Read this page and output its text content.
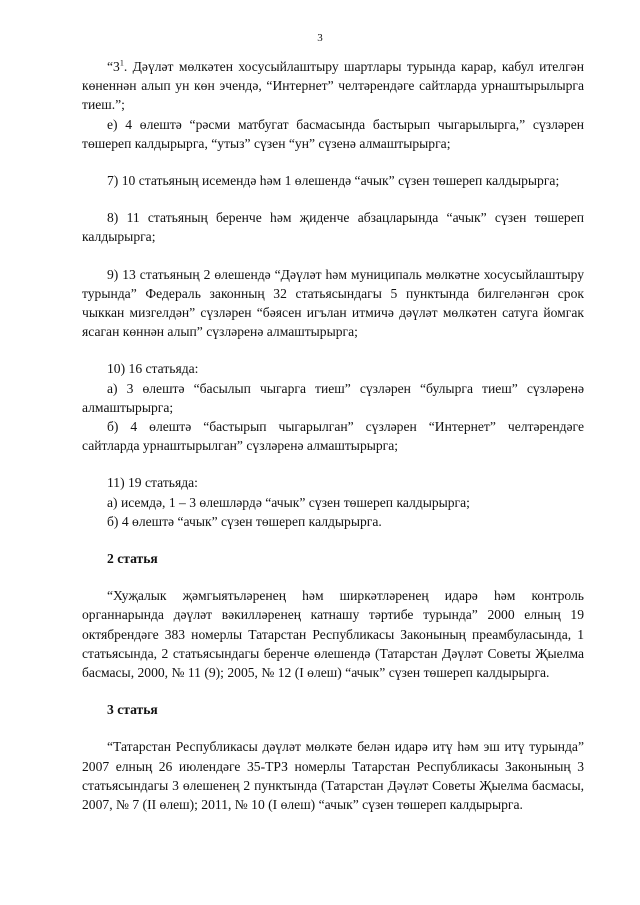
3

“$3^1$. Дәүләт мөлкәтен хосусыйлаштыру шартлары турында карар, кабул ителгән көненнән алып ун көн эчендә, “Интернет” челтәрендәге сайтларда урнаштырылырга тиеш.”;

е) 4 өлештә “рәсми матбугат басмасында бастырып чыгарылырга,” сүзләрен төшереп калдырырга, “утыз” сүзен “ун” сүзенә алмаштырырга;

7) 10 статьяның исемендә һәм 1 өлешендә “ачык” сүзен төшереп калдырырга;

8) 11 статьяның беренче һәм җиденче абзацларында “ачык” сүзен төшереп калдырырга;

9) 13 статьяның 2 өлешендә “Дәүләт һәм муниципаль мөлкәтне хосусыйлаштыру турында” Федераль законның 32 статьясындагы 5 пунктында билгеләнгән срок чыккан мизгелдән” сүзләрен “бәясен игълан итмичә дәүләт мөлкәтен сатуга йомгак ясаган көннән алып” сүзләренә алмаштырырга;

10) 16 статьяда:

а) 3 өлештә “басылып чыгарга тиеш” сүзләрен “булырга тиеш” сүзләренә алмаштырырга;

б) 4 өлештә “бастырып чыгарылган” сүзләрен “Интернет” челтәрендәге сайтларда урнаштырылган” сүзләренә алмаштырырга;

11) 19 статьяда:

а) исемдә, 1 – 3 өлешләрдә “ачык” сүзен төшереп калдырырга;

б) 4 өлештә “ачык” сүзен төшереп калдырырга.

2 статья

“Хуҗалык җәмгыятьләренең һәм ширкәтләренең идарә һәм контроль органнарында дәүләт вәкилләренең катнашу тәртибе турында” 2000 елның 19 октябрендәге 383 номерлы Татарстан Республикасы Законының преамбуласында, 1 статьясында, 2 статьясындагы беренче өлешендә (Татарстан Дәүләт Советы Җыелма басмасы, 2000, № 11 (9); 2005, № 12 (I өлеш) “ачык” сүзен төшереп калдырырга.

3 статья

“Татарстан Республикасы дәүләт мөлкәте белән идарә итү һәм эш итү турында” 2007 елның 26 июлендәге 35-ТРЗ номерлы Татарстан Республикасы Законының 3 статьясындагы 3 өлешенең 2 пунктында (Татарстан Дәүләт Советы Җыелма басмасы, 2007, № 7 (II өлеш); 2011, № 10 (I өлеш) “ачык” сүзен төшереп калдырырга.
